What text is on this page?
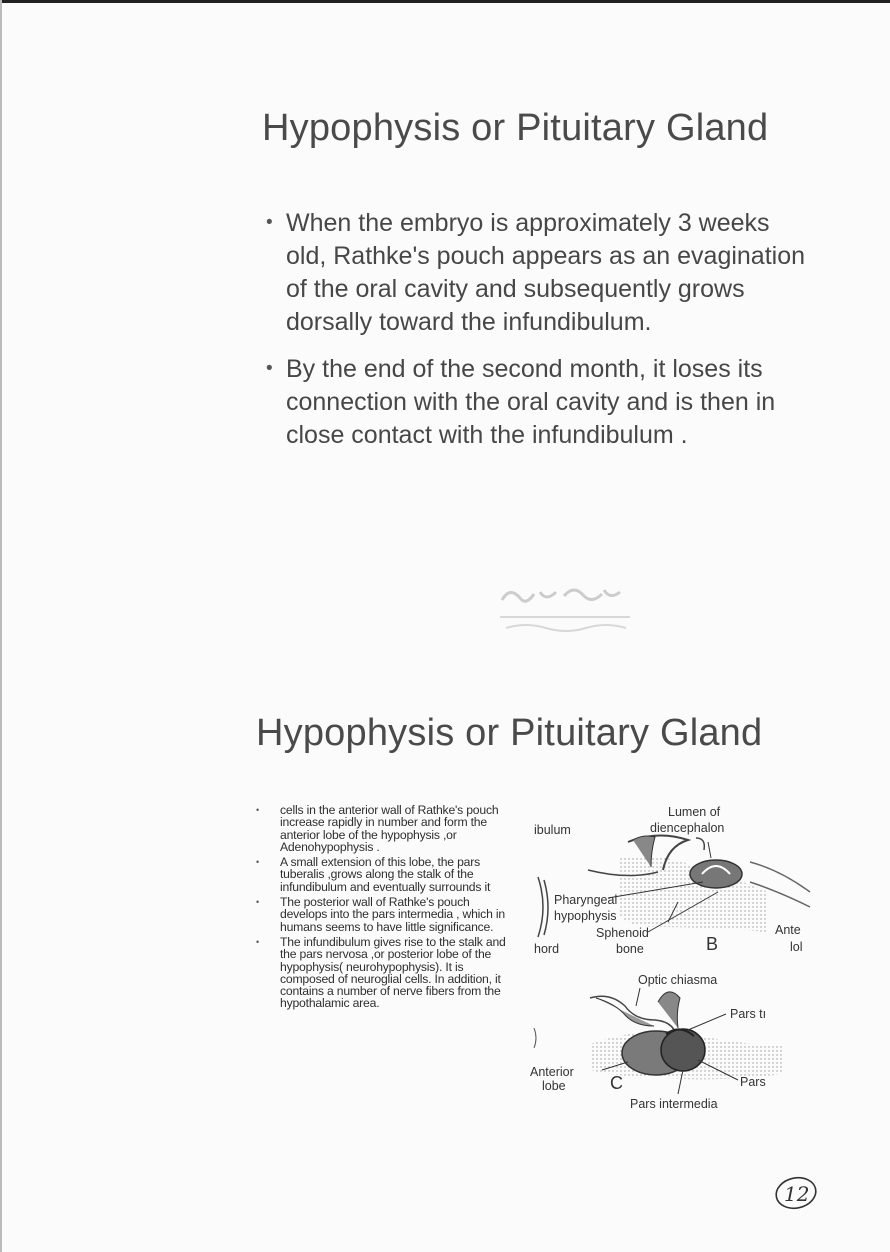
Hypophysis or Pituitary Gland
• When the embryo is approximately 3 weeks old, Rathke's pouch appears as an evagination of the oral cavity and subsequently grows dorsally toward the infundibulum.
• By the end of the second month, it loses its connection with the oral cavity and is then in close contact with the infundibulum .
Hypophysis or Pituitary Gland
• cells in the anterior wall of Rathke's pouch increase rapidly in number and form the anterior lobe of the hypophysis ,or Adenohypophysis .
• A small extension of this lobe, the pars tuberalis ,grows along the stalk of the infundibulum and eventually surrounds it
• The posterior wall of Rathke's pouch develops into the pars intermedia , which in humans seems to have little significance.
• The infundibulum gives rise to the stalk and the pars nervosa ,or posterior lobe of the hypophysis( neurohypophysis). It is composed of neuroglial cells. In addition, it contains a number of nerve fibers from the hypothalamic area.
Lumen of
diencephalon
ibulum
Pharyngeal
hypophysis
Sphenoid
bone
hord	B
Ante
lol
Optic chiasma
Pars tı
Anterior
lobe C	Pars
Pars intermedia
12
